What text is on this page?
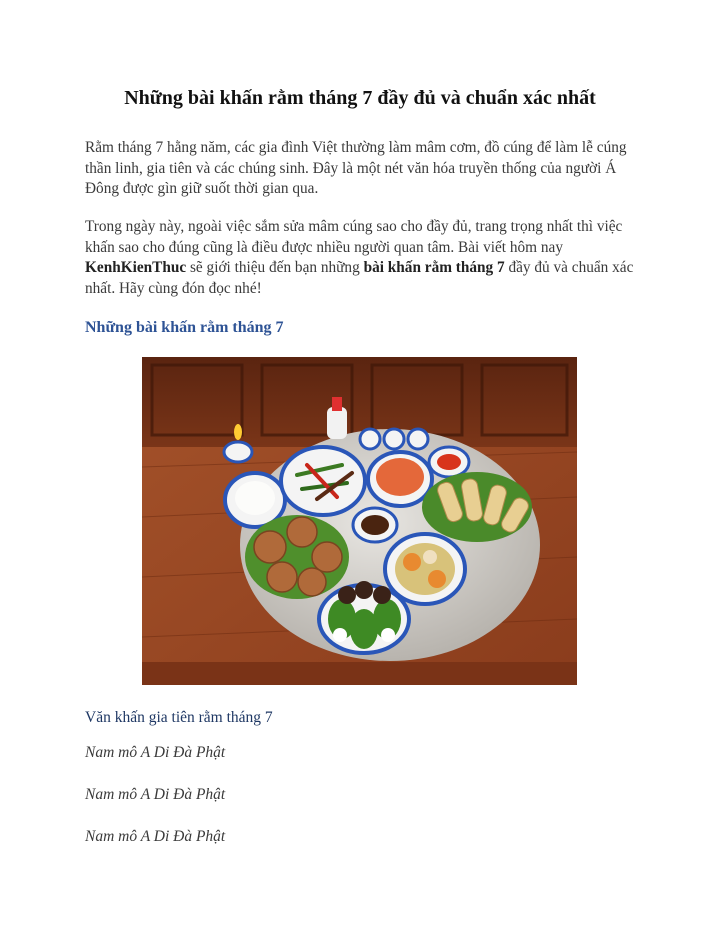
Những bài khấn rằm tháng 7 đầy đủ và chuẩn xác nhất

Rằm tháng 7 hằng năm, các gia đình Việt thường làm mâm cơm, đồ cúng để làm lễ cúng thần linh, gia tiên và các chúng sinh. Đây là một nét văn hóa truyền thống của người Á Đông được gìn giữ suốt thời gian qua.

Trong ngày này, ngoài việc sắm sửa mâm cúng sao cho đầy đủ, trang trọng nhất thì việc khấn sao cho đúng cũng là điều được nhiều người quan tâm. Bài viết hôm nay KenhKienThuc sẽ giới thiệu đến bạn những bài khấn rằm tháng 7 đầy đủ và chuẩn xác nhất. Hãy cùng đón đọc nhé!

Những bài khấn rằm tháng 7
Văn khấn gia tiên rằm tháng 7

Nam mô A Di Đà Phật

Nam mô A Di Đà Phật

Nam mô A Di Đà Phật
